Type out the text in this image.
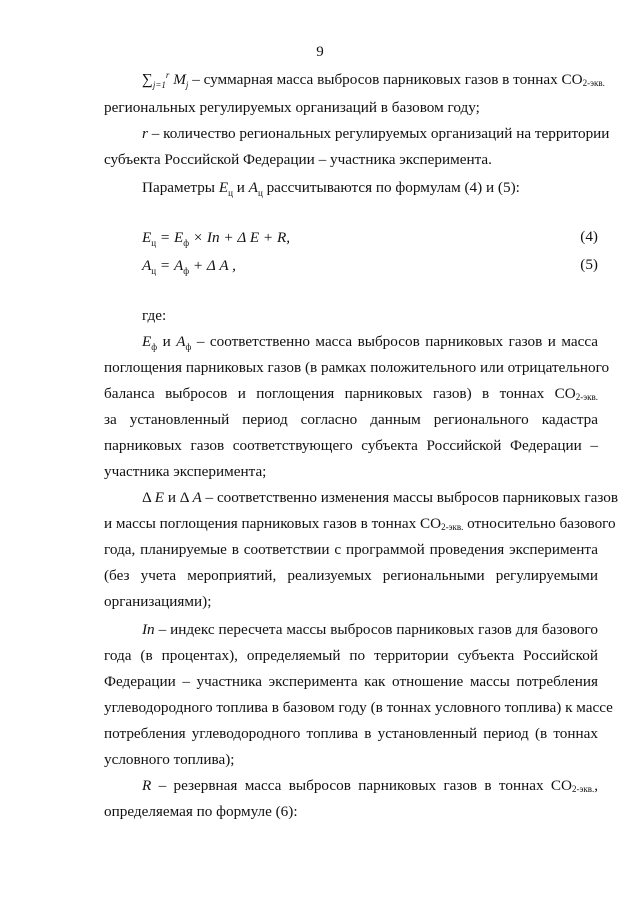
9
$\sum_{j=1}^r$ $M_j$ – суммарная масса выбросов парниковых газов в тоннах CO2-экв.
региональных регулируемых организаций в базовом году;
r – количество региональных регулируемых организаций на территории
субъекта Российской Федерации – участника эксперимента.
Параметры $E_ц$ и $A_ц$ рассчитываются по формулам (4) и (5):
$E_ц = E_ф \times In + \Delta$ E + R,	(4)
$A_ц = A_ф + \Delta$ A ,	(5)
где:
$E_ф$ и $A_ф$ – соответственно масса выбросов парниковых газов и масса
поглощения парниковых газов (в рамках положительного или отрицательного
баланса выбросов и поглощения парниковых газов) в тоннах CO2-экв.
за установленный период согласно данным регионального кадастра
парниковых газов соответствующего субъекта Российской Федерации –
участника эксперимента;
Δ E и Δ A – соответственно изменения массы выбросов парниковых газов
и массы поглощения парниковых газов в тоннах CO2-экв. относительно базового
года, планируемые в соответствии с программой проведения эксперимента
(без учета мероприятий, реализуемых региональными регулируемыми
организациями);
In – индекс пересчета массы выбросов парниковых газов для базового
года (в процентах), определяемый по территории субъекта Российской
Федерации – участника эксперимента как отношение массы потребления
углеводородного топлива в базовом году (в тоннах условного топлива) к массе
потребления углеводородного топлива в установленный период (в тоннах
условного топлива);
R – резервная масса выбросов парниковых газов в тоннах CO2-экв.,
определяемая по формуле (6):
